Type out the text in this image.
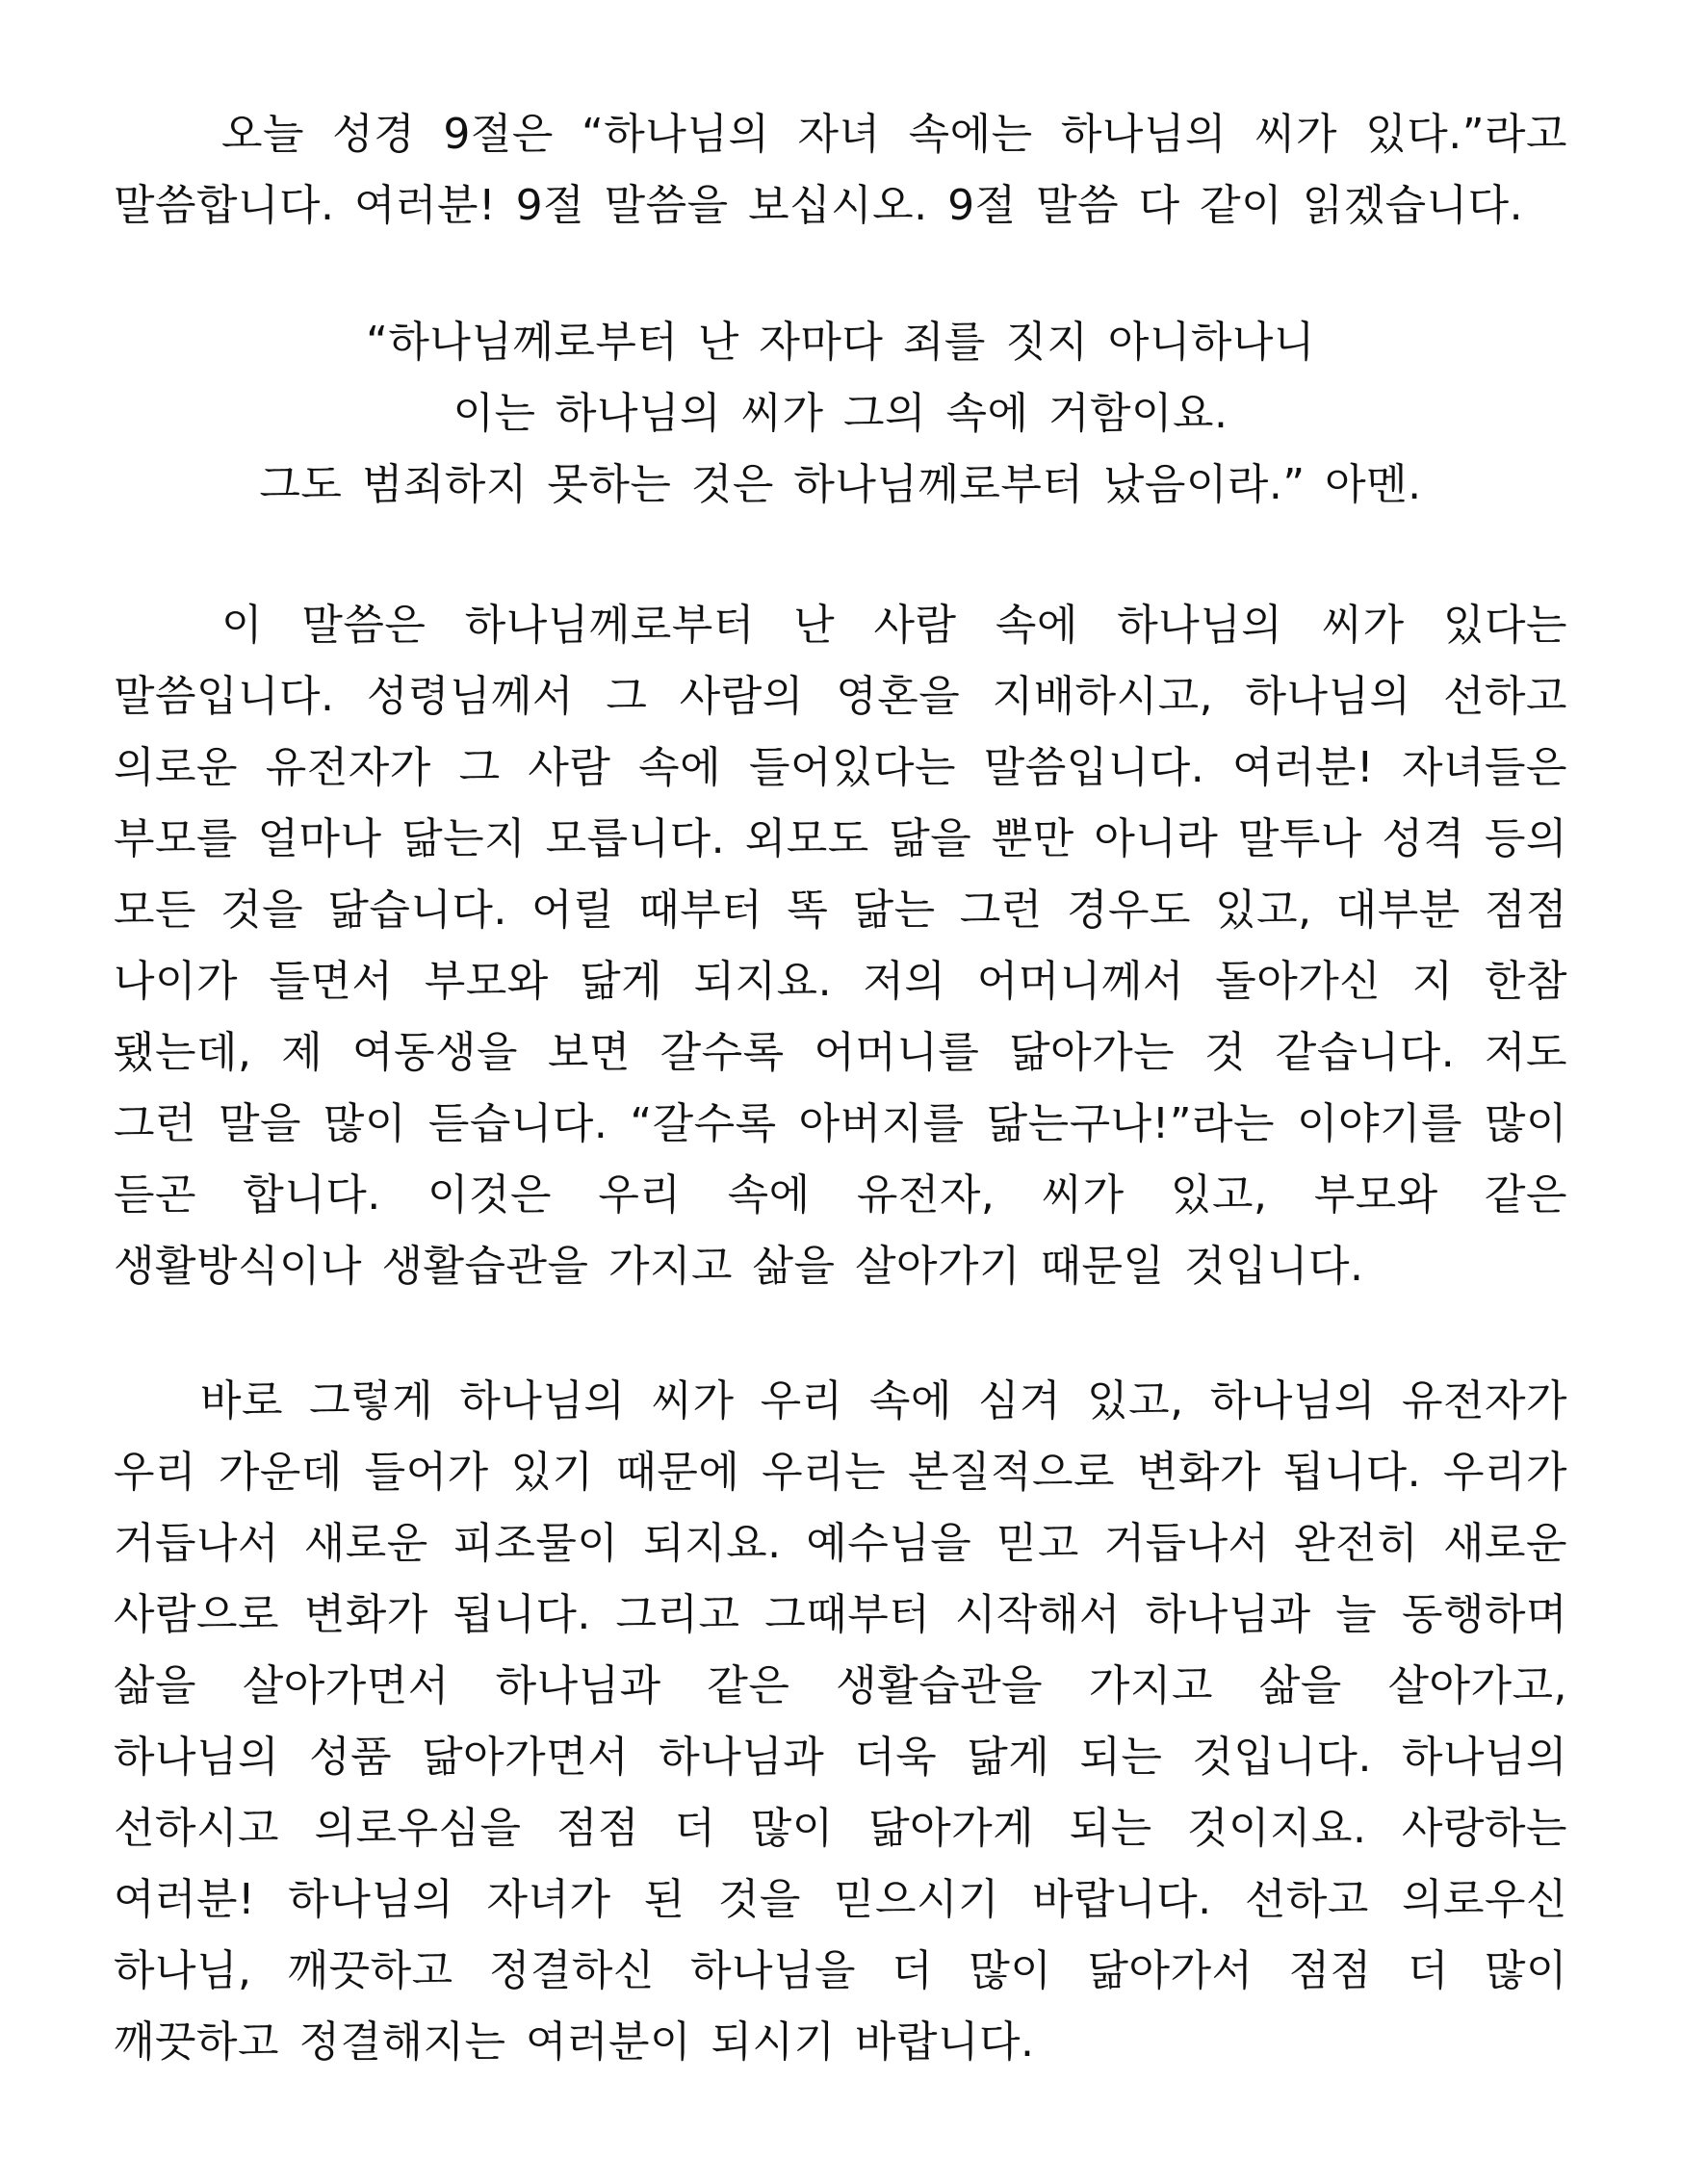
오늘 성경 9절은 “하나님의 자녀 속에는 하나님의 씨가 있다.”라고 말씀합니다. 여러분! 9절 말씀을 보십시오. 9절 말씀 다 같이 읽겠습니다.

“하나님께로부터 난 자마다 죄를 짓지 아니하나니
이는 하나님의 씨가 그의 속에 거함이요.
그도 범죄하지 못하는 것은 하나님께로부터 났음이라.” 아멘.

이 말씀은 하나님께로부터 난 사람 속에 하나님의 씨가 있다는 말씀입니다. 성령님께서 그 사람의 영혼을 지배하시고, 하나님의 선하고 의로운 유전자가 그 사람 속에 들어있다는 말씀입니다. 여러분! 자녀들은 부모를 얼마나 닮는지 모릅니다. 외모도 닮을 뿐만 아니라 말투나 성격 등의 모든 것을 닮습니다. 어릴 때부터 똑 닮는 그런 경우도 있고, 대부분 점점 나이가 들면서 부모와 닮게 되지요. 저의 어머니께서 돌아가신 지 한참 됐는데, 제 여동생을 보면 갈수록 어머니를 닮아가는 것 같습니다. 저도 그런 말을 많이 듣습니다. “갈수록 아버지를 닮는구나!”라는 이야기를 많이 듣곤 합니다. 이것은 우리 속에 유전자, 씨가 있고, 부모와 같은 생활방식이나 생활습관을 가지고 삶을 살아가기 때문일 것입니다.

바로 그렇게 하나님의 씨가 우리 속에 심겨 있고, 하나님의 유전자가 우리 가운데 들어가 있기 때문에 우리는 본질적으로 변화가 됩니다. 우리가 거듭나서 새로운 피조물이 되지요. 예수님을 믿고 거듭나서 완전히 새로운 사람으로 변화가 됩니다. 그리고 그때부터 시작해서 하나님과 늘 동행하며 삶을 살아가면서 하나님과 같은 생활습관을 가지고 삶을 살아가고, 하나님의 성품 닮아가면서 하나님과 더욱 닮게 되는 것입니다. 하나님의 선하시고 의로우심을 점점 더 많이 닮아가게 되는 것이지요. 사랑하는 여러분! 하나님의 자녀가 된 것을 믿으시기 바랍니다. 선하고 의로우신 하나님, 깨끗하고 정결하신 하나님을 더 많이 닮아가서 점점 더 많이 깨끗하고 정결해지는 여러분이 되시기 바랍니다.
